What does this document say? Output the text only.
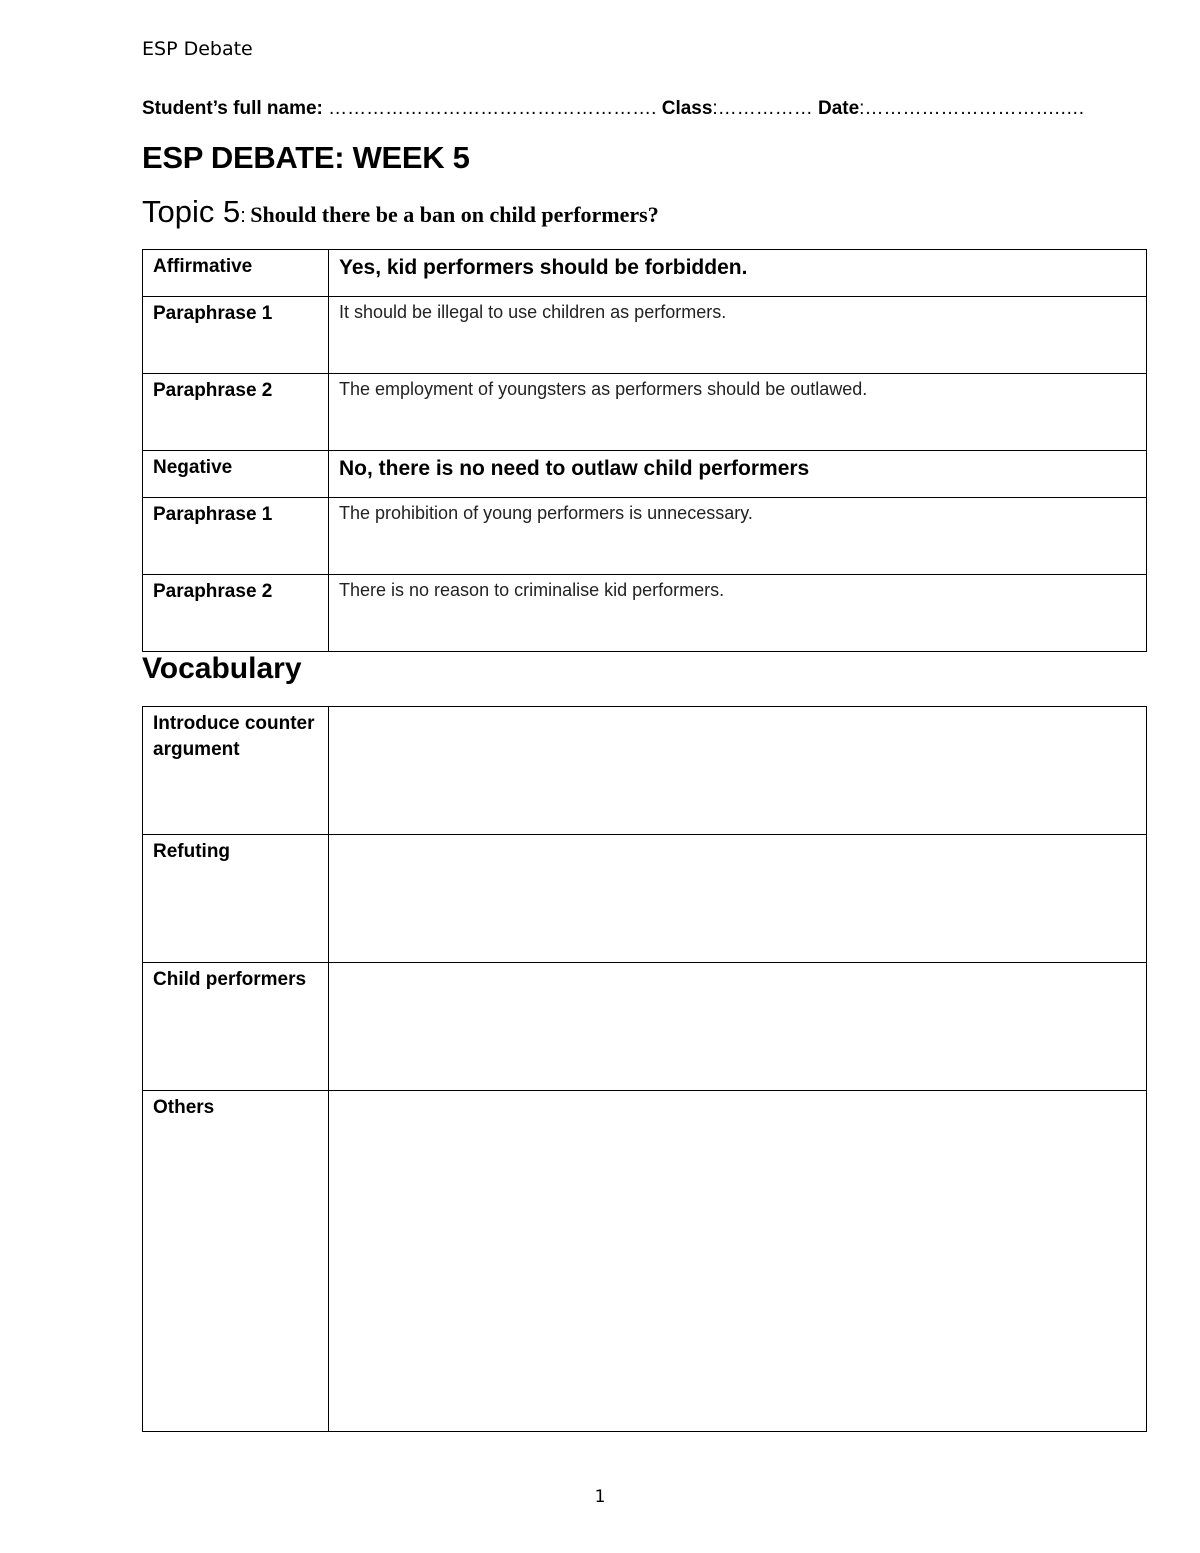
ESP Debate
Student’s full name: ……………………………………………. Class:…………… Date:………………………….….
ESP DEBATE: WEEK 5
Topic 5: Should there be a ban on child performers?
Affirmative	Yes, kid performers should be forbidden.
Paraphrase 1	It should be illegal to use children as performers.
Paraphrase 2	The employment of youngsters as performers should be outlawed.
Negative	No, there is no need to outlaw child performers
Paraphrase 1	The prohibition of young performers is unnecessary.
Paraphrase 2	There is no reason to criminalise kid performers.
Vocabulary
Introduce counter argument	
Refuting	
Child performers	
Others	
1
